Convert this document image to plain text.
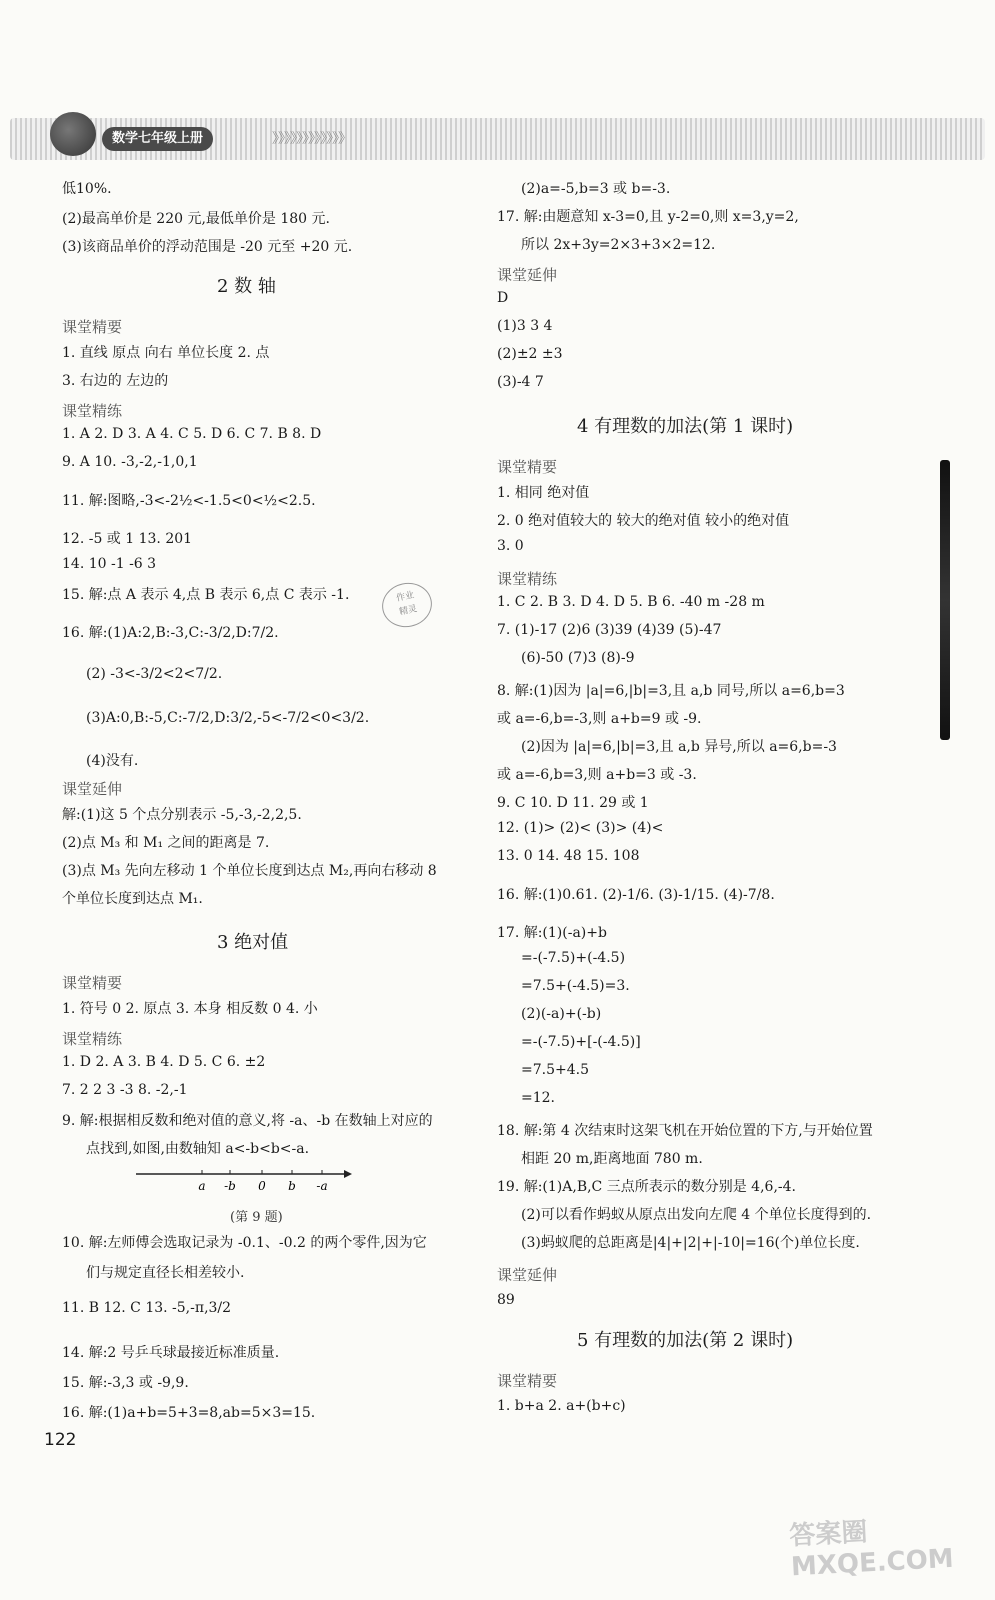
数学七年级上册	》》》》》》》》》》》》
低10%.
(2)最高单价是 220 元,最低单价是 180 元.
(3)该商品单价的浮动范围是 -20 元至 +20 元.
2 数 轴
课堂精要
1. 直线 原点 向右 单位长度 2. 点
3. 右边的 左边的
课堂精练
1. A 2. D 3. A 4. C 5. D 6. C 7. B 8. D
9. A 10. -3,-2,-1,0,1
11. 解:图略,-3<-2½<-1.5<0<½<2.5.
12. -5 或 1 13. 201
14. 10 -1 -6 3
15. 解:点 A 表示 4,点 B 表示 6,点 C 表示 -1.
16. 解:(1)A:2,B:-3,C:-3/2,D:7/2.
(2) -3<-3/2<2<7/2.
(3)A:0,B:-5,C:-7/2,D:3/2,-5<-7/2<0<3/2.
(4)没有.
课堂延伸
解:(1)这 5 个点分别表示 -5,-3,-2,2,5.
(2)点 M₃ 和 M₁ 之间的距离是 7.
(3)点 M₃ 先向左移动 1 个单位长度到达点 M₂,再向右移动 8
个单位长度到达点 M₁.
3 绝对值
课堂精要
1. 符号 0 2. 原点 3. 本身 相反数 0 4. 小
课堂精练
1. D 2. A 3. B 4. D 5. C 6. ±2
7. 2 2 3 -3 8. -2,-1
9. 解:根据相反数和绝对值的意义,将 -a、-b 在数轴上对应的
点找到,如图,由数轴知 a<-b<b<-a.
10. 解:左师傅会选取记录为 -0.1、-0.2 的两个零件,因为它
们与规定直径长相差较小.
11. B 12. C 13. -5,-π,3/2
14. 解:2 号乒乓球最接近标准质量.
15. 解:-3,3 或 -9,9.
16. 解:(1)a+b=5+3=8,ab=5×3=15.
a -b 0 b -a
(第 9 题)
作业
精灵
122
(2)a=-5,b=3 或 b=-3.
17. 解:由题意知 x-3=0,且 y-2=0,则 x=3,y=2,
所以 2x+3y=2×3+3×2=12.
课堂延伸
D
(1)3 3 4
(2)±2 ±3
(3)-4 7
4 有理数的加法(第 1 课时)
课堂精要
1. 相同 绝对值
2. 0 绝对值较大的 较大的绝对值 较小的绝对值
3. 0
课堂精练
1. C 2. B 3. D 4. D 5. B 6. -40 m -28 m
7. (1)-17 (2)6 (3)39 (4)39 (5)-47
(6)-50 (7)3 (8)-9
8. 解:(1)因为 |a|=6,|b|=3,且 a,b 同号,所以 a=6,b=3
或 a=-6,b=-3,则 a+b=9 或 -9.
(2)因为 |a|=6,|b|=3,且 a,b 异号,所以 a=6,b=-3
或 a=-6,b=3,则 a+b=3 或 -3.
9. C 10. D 11. 29 或 1
12. (1)> (2)< (3)> (4)<
13. 0 14. 48 15. 108
16. 解:(1)0.61. (2)-1/6. (3)-1/15. (4)-7/8.
17. 解:(1)(-a)+b
=-(-7.5)+(-4.5)
=7.5+(-4.5)=3.
(2)(-a)+(-b)
=-(-7.5)+[-(-4.5)]
=7.5+4.5
=12.
18. 解:第 4 次结束时这架飞机在开始位置的下方,与开始位置
相距 20 m,距离地面 780 m.
19. 解:(1)A,B,C 三点所表示的数分别是 4,6,-4.
(2)可以看作蚂蚁从原点出发向左爬 4 个单位长度得到的.
(3)蚂蚁爬的总距离是|4|+|2|+|-10|=16(个)单位长度.
课堂延伸
89
5 有理数的加法(第 2 课时)
课堂精要
1. b+a 2. a+(b+c)
答案圈 MXQE.COM
